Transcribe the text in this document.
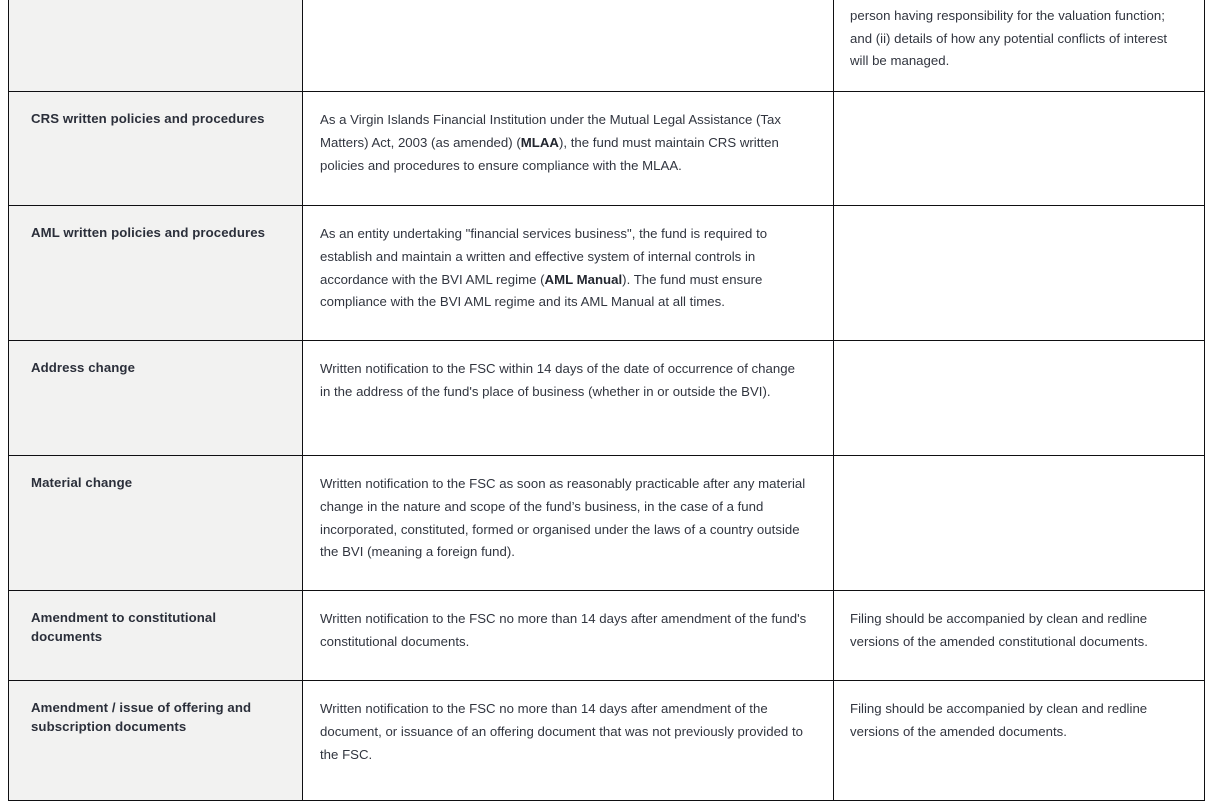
		person having responsibility for the valuation function; and (ii) details of how any potential conflicts of interest will be managed.

CRS written policies and procedures	As a Virgin Islands Financial Institution under the Mutual Legal Assistance (Tax Matters) Act, 2003 (as amended) (MLAA), the fund must maintain CRS written policies and procedures to ensure compliance with the MLAA.	

AML written policies and procedures	As an entity undertaking "financial services business", the fund is required to establish and maintain a written and effective system of internal controls in accordance with the BVI AML regime (AML Manual). The fund must ensure compliance with the BVI AML regime and its AML Manual at all times.	

Address change	Written notification to the FSC within 14 days of the date of occurrence of change in the address of the fund's place of business (whether in or outside the BVI).	

Material change	Written notification to the FSC as soon as reasonably practicable after any material change in the nature and scope of the fund’s business, in the case of a fund incorporated, constituted, formed or organised under the laws of a country outside the BVI (meaning a foreign fund).	

Amendment to constitutional documents	Written notification to the FSC no more than 14 days after amendment of the fund's constitutional documents.	Filing should be accompanied by clean and redline versions of the amended constitutional documents.

Amendment / issue of offering and subscription documents	Written notification to the FSC no more than 14 days after amendment of the document, or issuance of an offering document that was not previously provided to the FSC.	Filing should be accompanied by clean and redline versions of the amended documents.
